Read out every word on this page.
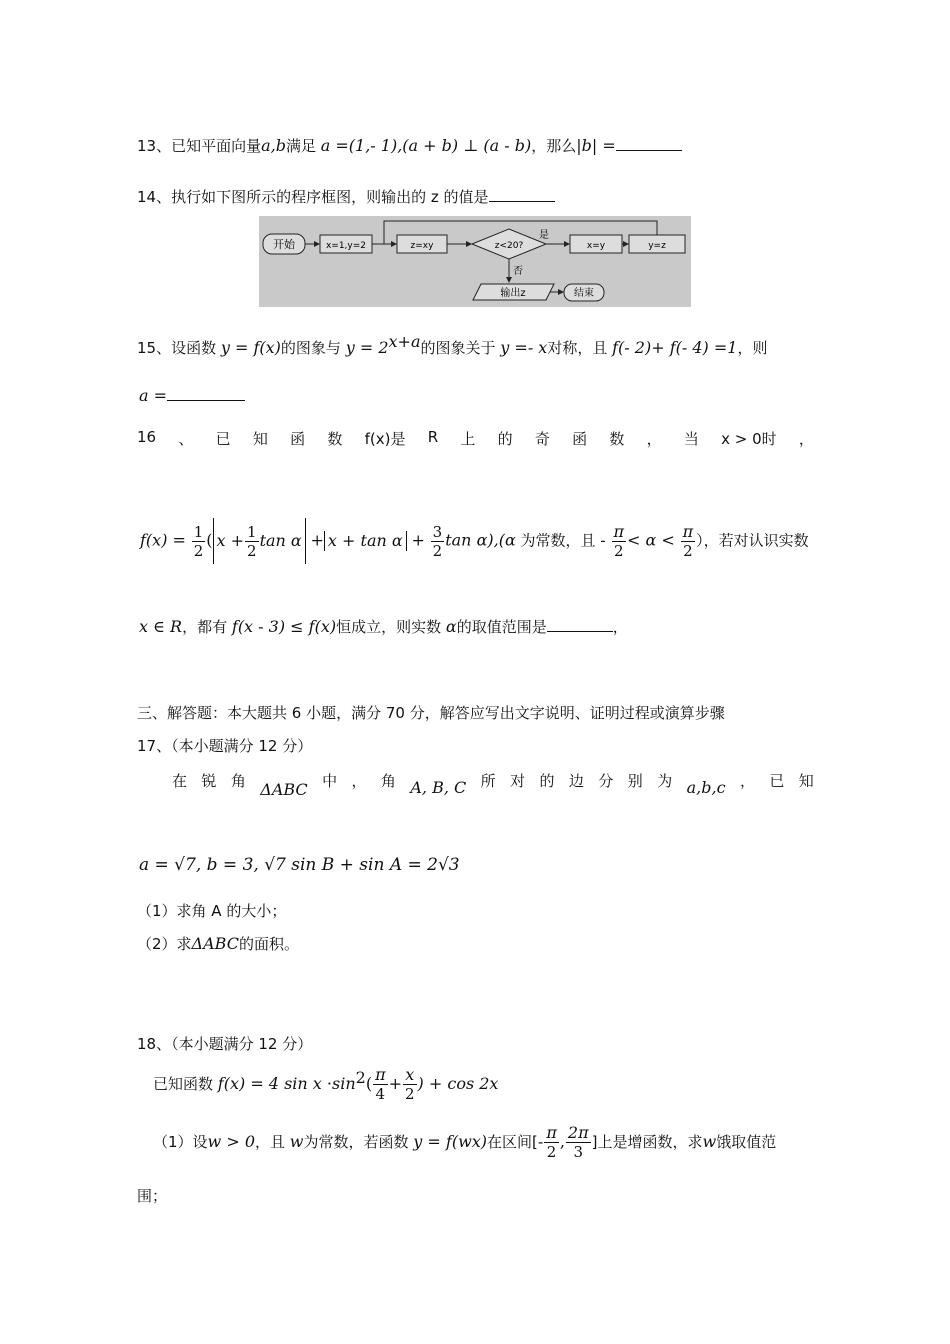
13、已知平面向量a,b满足 a =(1,- 1),(a + b) ⊥ (a - b)，那么|b| =
14、执行如下图所示的程序框图，则输出的 z 的值是
开始	x=1,y=2	z=xy	z<20?
是
x=y	y=z
否
输出z	结束
15、设函数 y = f(x)的图象与 $y = 2^{x+a}$的图象关于 y =- x对称，且 f(- 2)+ f(- 4) =1，则
a =
16 、 已 知 函 数 f(x)是 R 上 的 奇 函 数 ， 当 x > 0时 ，
$f(x) = \frac{1}{2}$ ( $x + \frac{1}{2}$ $\tan \alpha + x + \tan \alpha + \frac{3}{2}$ tan α),(α 为常数，且 - $\frac{\pi}{2} < \alpha < \frac{\pi}{2}$ ），若对认识实数
x ∈ R，都有 f(x - 3) ≤ f(x)恒成立，则实数 α的取值范围是	，
三、解答题：本大题共 6 小题，满分 70 分，解答应写出文字说明、证明过程或演算步骤
17、（本小题满分 12 分）
在 锐 角 ΔABC 中 ， 角 A, B, C 所 对 的 边 分 别 为 a,b,c ， 已 知
a = √7, b = 3, √7 sin B + sin A = 2√3
（1）求角 A 的大小；
（2）求ΔABC的面积。
18、（本小题满分 12 分）
已知函数 f(x) = 4 $\sin x \cdot\sin^2( \frac{\pi}{4} + \frac{x}{2}$ ) + cos 2x
（1）设w > 0，且 w为常数，若函数 y = f(wx)在区间[- $\frac{\pi}{2}$ , $\frac{2\pi}{3}$ ]上是增函数，求w饿取值范
围；
